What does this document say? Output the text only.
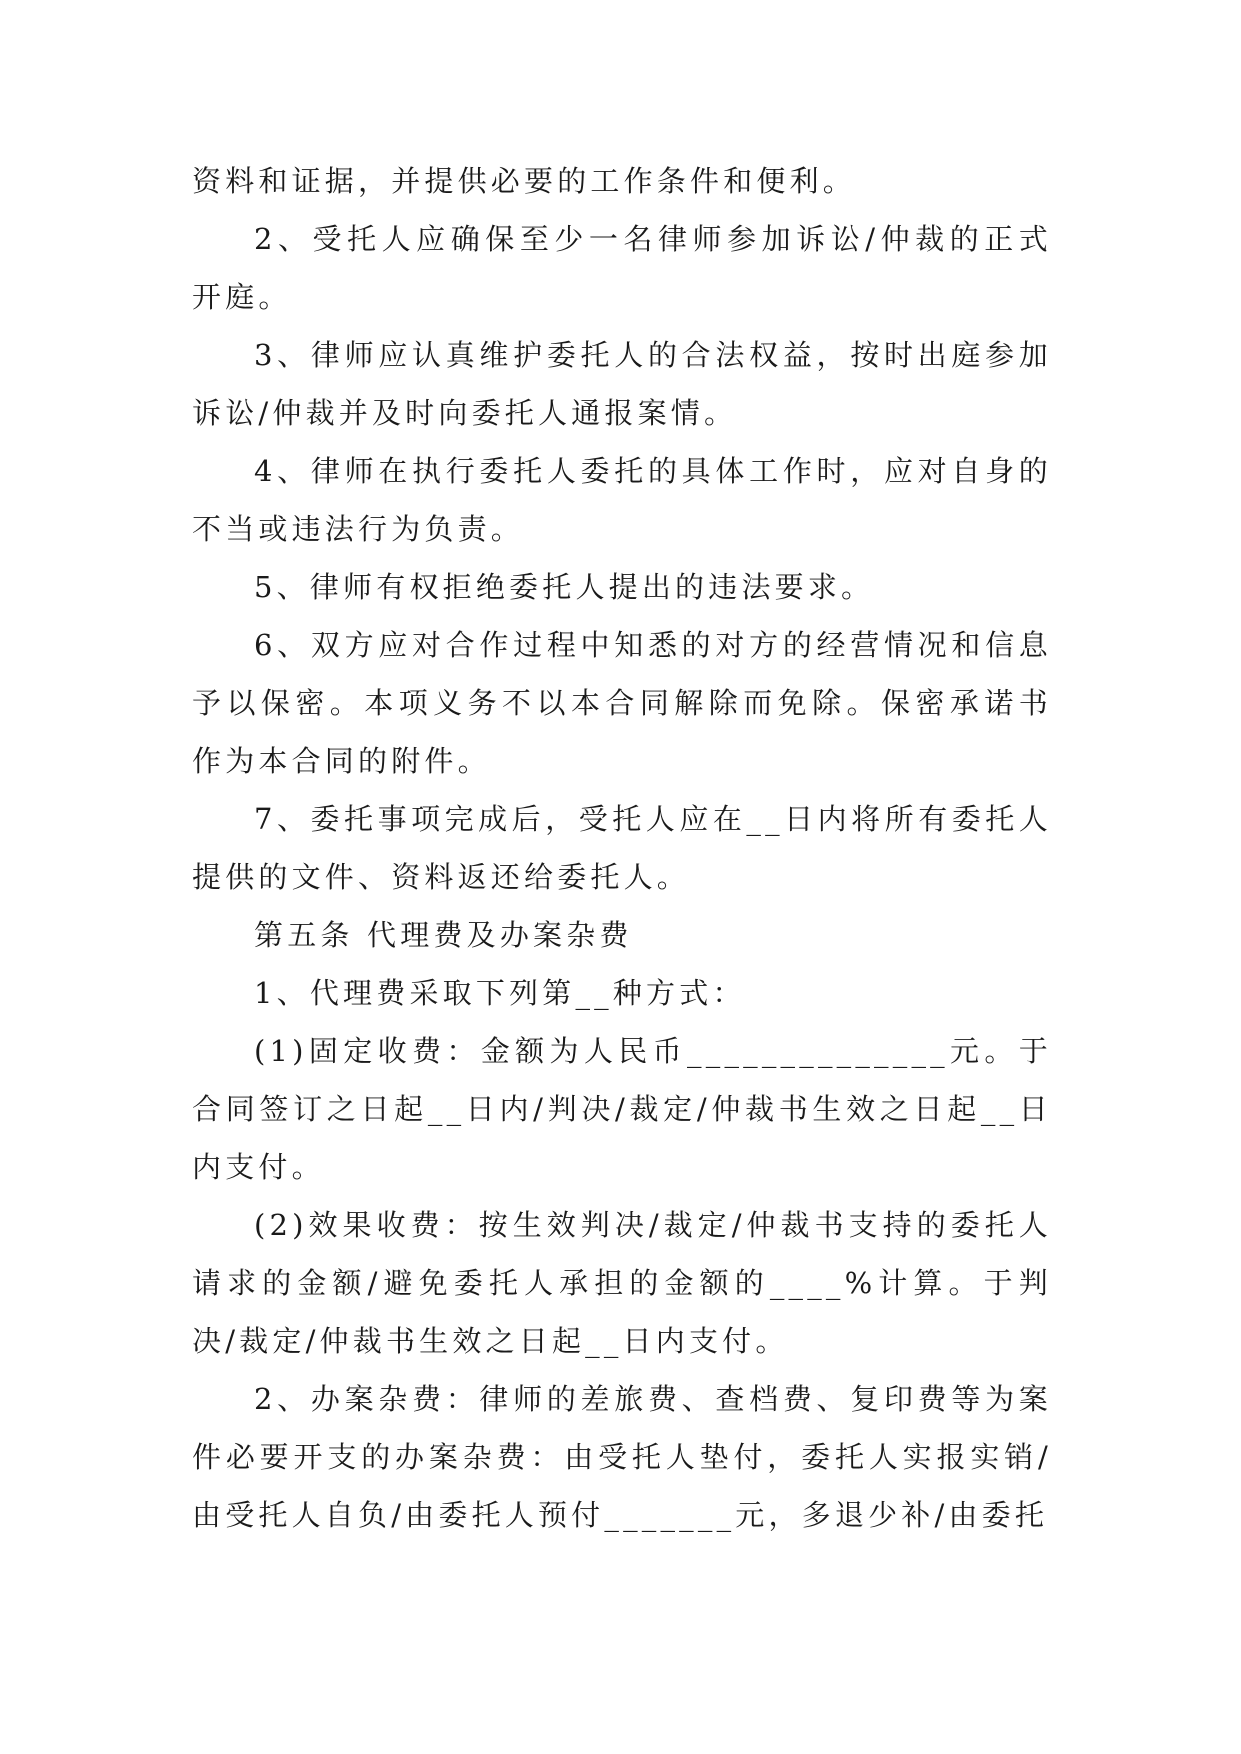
资料和证据，并提供必要的工作条件和便利。

2、受托人应确保至少一名律师参加诉讼/仲裁的正式开庭。

3、律师应认真维护委托人的合法权益，按时出庭参加诉讼/仲裁并及时向委托人通报案情。

4、律师在执行委托人委托的具体工作时，应对自身的不当或违法行为负责。

5、律师有权拒绝委托人提出的违法要求。

6、双方应对合作过程中知悉的对方的经营情况和信息予以保密。本项义务不以本合同解除而免除。保密承诺书作为本合同的附件。

7、委托事项完成后，受托人应在__日内将所有委托人提供的文件、资料返还给委托人。

第五条 代理费及办案杂费

1、代理费采取下列第__种方式：

(1)固定收费：金额为人民币______________元。于合同签订之日起__日内/判决/裁定/仲裁书生效之日起__日内支付。

(2)效果收费：按生效判决/裁定/仲裁书支持的委托人请求的金额/避免委托人承担的金额的____%计算。于判决/裁定/仲裁书生效之日起__日内支付。

2、办案杂费：律师的差旅费、查档费、复印费等为案件必要开支的办案杂费：由受托人垫付，委托人实报实销/由受托人自负/由委托人预付_______元，多退少补/由委托
